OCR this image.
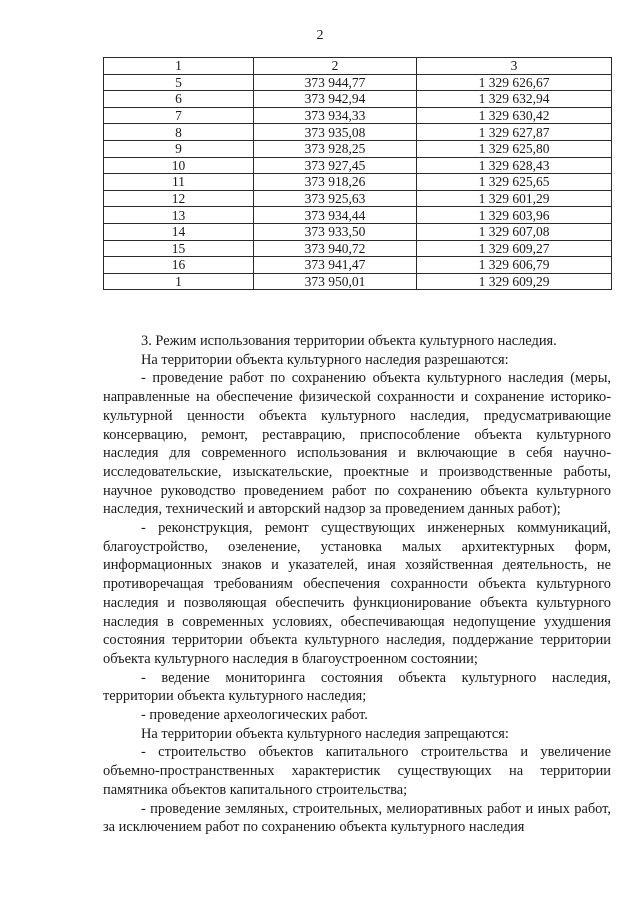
2
1	2	3
5	373 944,77	1 329 626,67
6	373 942,94	1 329 632,94
7	373 934,33	1 329 630,42
8	373 935,08	1 329 627,87
9	373 928,25	1 329 625,80
10	373 927,45	1 329 628,43
11	373 918,26	1 329 625,65
12	373 925,63	1 329 601,29
13	373 934,44	1 329 603,96
14	373 933,50	1 329 607,08
15	373 940,72	1 329 609,27
16	373 941,47	1 329 606,79
1	373 950,01	1 329 609,29

3. Режим использования территории объекта культурного наследия.

На территории объекта культурного наследия разрешаются:

- проведение работ по сохранению объекта культурного наследия (меры, направленные на обеспечение физической сохранности и сохранение историко-культурной ценности объекта культурного наследия, предусматривающие консервацию, ремонт, реставрацию, приспособление объекта культурного наследия для современного использования и включающие в себя научно-исследовательские, изыскательские, проектные и производственные работы, научное руководство проведением работ по сохранению объекта культурного наследия, технический и авторский надзор за проведением данных работ);

- реконструкция, ремонт существующих инженерных коммуникаций, благоустройство, озеленение, установка малых архитектурных форм, информационных знаков и указателей, иная хозяйственная деятельность, не противоречащая требованиям обеспечения сохранности объекта культурного наследия и позволяющая обеспечить функционирование объекта культурного наследия в современных условиях, обеспечивающая недопущение ухудшения состояния территории объекта культурного наследия, поддержание территории объекта культурного наследия в благоустроенном состоянии;

- ведение мониторинга состояния объекта культурного наследия, территории объекта культурного наследия;

- проведение археологических работ.

На территории объекта культурного наследия запрещаются:

- строительство объектов капитального строительства и увеличение объемно-пространственных характеристик существующих на территории памятника объектов капитального строительства;

- проведение земляных, строительных, мелиоративных работ и иных работ, за исключением работ по сохранению объекта культурного наследия
